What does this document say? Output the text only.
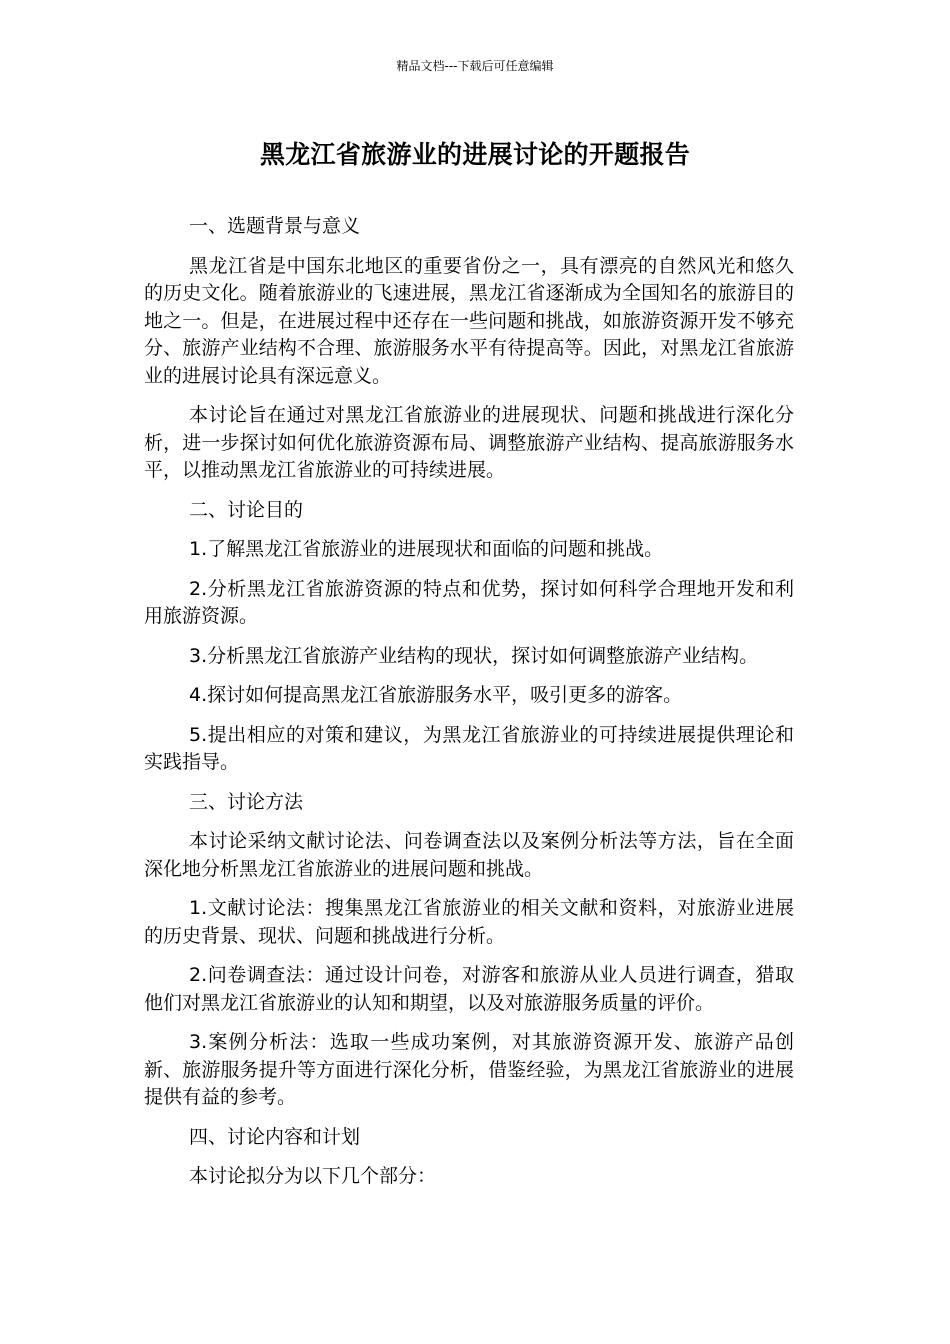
精品文档---下载后可任意编辑
黑龙江省旅游业的进展讨论的开题报告

一、选题背景与意义

黑龙江省是中国东北地区的重要省份之一，具有漂亮的自然风光和悠久的历史文化。随着旅游业的飞速进展，黑龙江省逐渐成为全国知名的旅游目的地之一。但是，在进展过程中还存在一些问题和挑战，如旅游资源开发不够充分、旅游产业结构不合理、旅游服务水平有待提高等。因此，对黑龙江省旅游业的进展讨论具有深远意义。

本讨论旨在通过对黑龙江省旅游业的进展现状、问题和挑战进行深化分析，进一步探讨如何优化旅游资源布局、调整旅游产业结构、提高旅游服务水平，以推动黑龙江省旅游业的可持续进展。

二、讨论目的

1.了解黑龙江省旅游业的进展现状和面临的问题和挑战。

2.分析黑龙江省旅游资源的特点和优势，探讨如何科学合理地开发和利用旅游资源。

3.分析黑龙江省旅游产业结构的现状，探讨如何调整旅游产业结构。

4.探讨如何提高黑龙江省旅游服务水平，吸引更多的游客。

5.提出相应的对策和建议，为黑龙江省旅游业的可持续进展提供理论和实践指导。

三、讨论方法

本讨论采纳文献讨论法、问卷调查法以及案例分析法等方法，旨在全面深化地分析黑龙江省旅游业的进展问题和挑战。

1.文献讨论法：搜集黑龙江省旅游业的相关文献和资料，对旅游业进展的历史背景、现状、问题和挑战进行分析。

2.问卷调查法：通过设计问卷，对游客和旅游从业人员进行调查，猎取他们对黑龙江省旅游业的认知和期望，以及对旅游服务质量的评价。

3.案例分析法：选取一些成功案例，对其旅游资源开发、旅游产品创新、旅游服务提升等方面进行深化分析，借鉴经验，为黑龙江省旅游业的进展提供有益的参考。

四、讨论内容和计划

本讨论拟分为以下几个部分：
